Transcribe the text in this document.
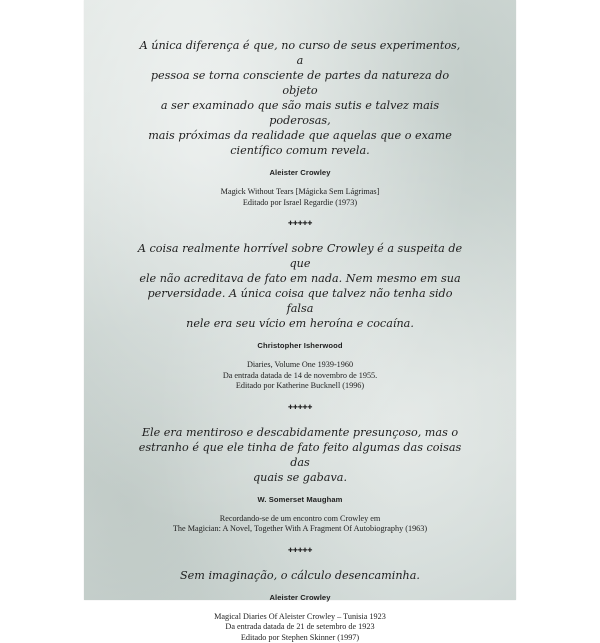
A única diferença é que, no curso de seus experimentos, a
pessoa se torna consciente de partes da natureza do objeto
a ser examinado que são mais sutis e talvez mais poderosas,
mais próximas da realidade que aquelas que o exame
científico comum revela.
Aleister Crowley
Magick Without Tears [Mágicka Sem Lágrimas]
Editado por Israel Regardie (1973)
✚✚✚✚✚
A coisa realmente horrível sobre Crowley é a suspeita de que
ele não acreditava de fato em nada. Nem mesmo em sua
perversidade. A única coisa que talvez não tenha sido falsa
nele era seu vício em heroína e cocaína.
Christopher Isherwood
Diaries, Volume One 1939-1960
Da entrada datada de 14 de novembro de 1955.
Editado por Katherine Bucknell (1996)
✚✚✚✚✚
Ele era mentiroso e descabidamente presunçoso, mas o
estranho é que ele tinha de fato feito algumas das coisas das
quais se gabava.
W. Somerset Maugham
Recordando-se de um encontro com Crowley em
The Magician: A Novel, Together With A Fragment Of Autobiography (1963)
✚✚✚✚✚
Sem imaginação, o cálculo desencaminha.
Aleister Crowley
Magical Diaries Of Aleister Crowley – Tunisia 1923
Da entrada datada de 21 de setembro de 1923
Editado por Stephen Skinner (1997)
